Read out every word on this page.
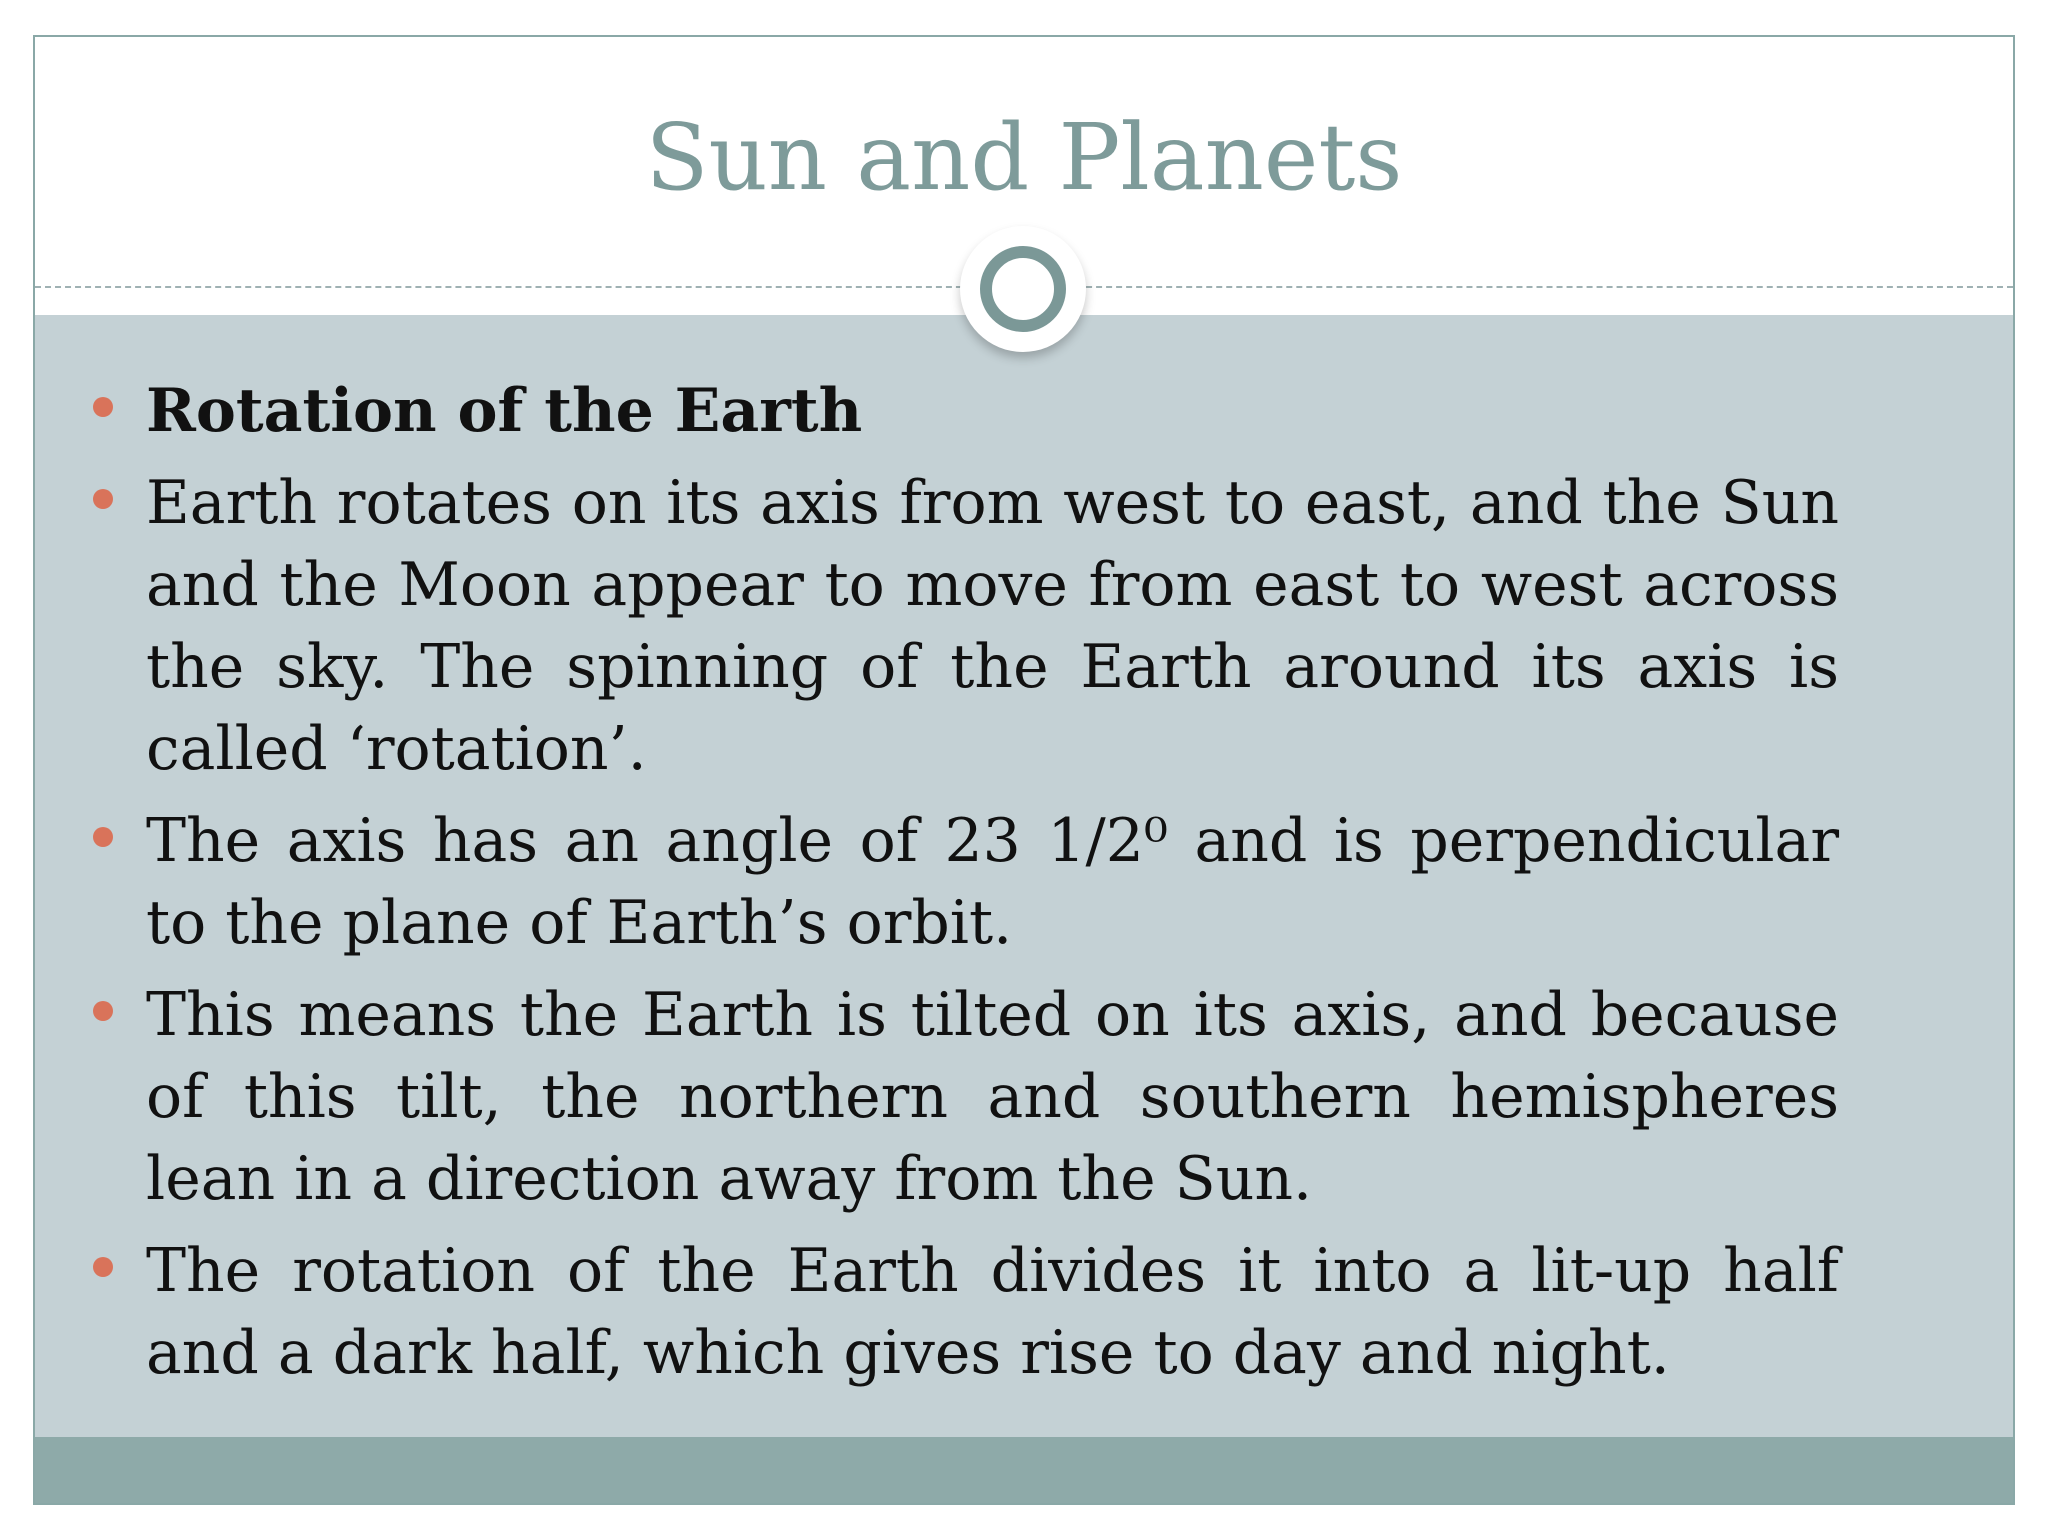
Sun and Planets
Rotation of the Earth
Earth rotates on its axis from west to east, and the Sun and the Moon appear to move from east to west across the sky. The spinning of the Earth around its axis is called ‘rotation’.
The axis has an angle of 23 1/2⁰ and is perpendicular to the plane of Earth’s orbit.
This means the Earth is tilted on its axis, and because of this tilt, the northern and southern hemispheres lean in a direction away from the Sun.
The rotation of the Earth divides it into a lit-up half and a dark half, which gives rise to day and night.
